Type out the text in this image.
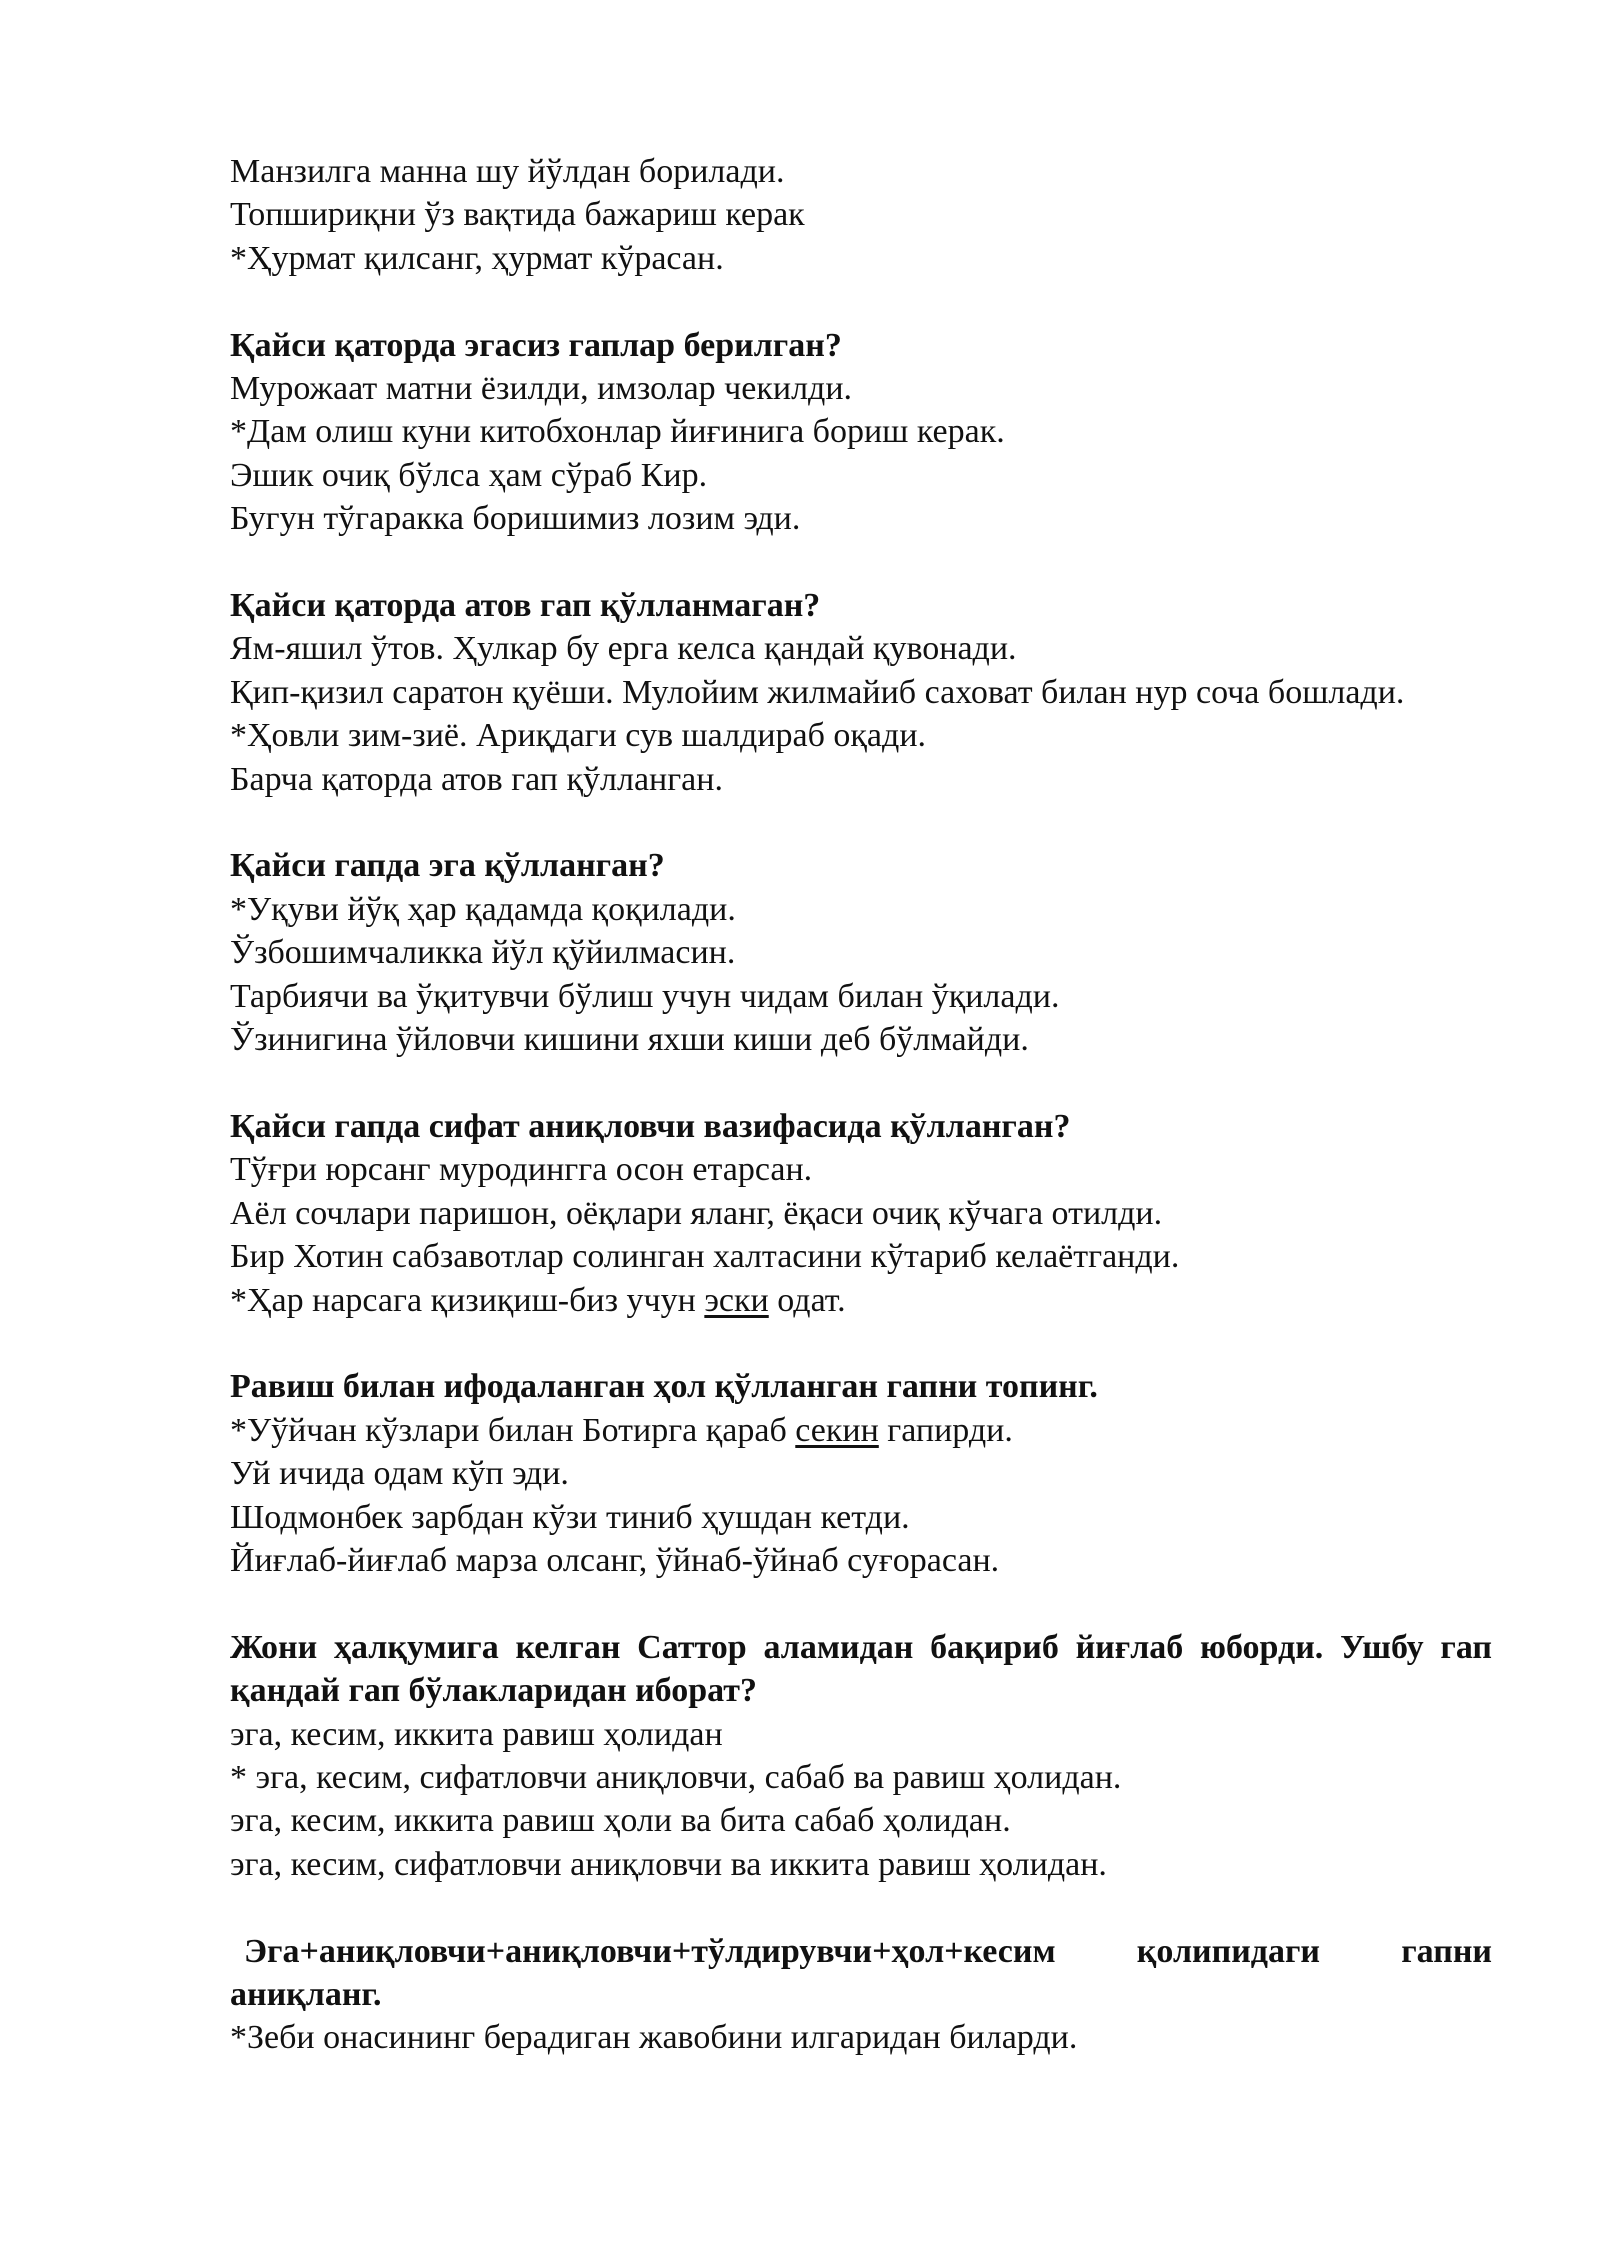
Манзилга манна шу йўлдан борилади.

Топшириқни ўз вақтида бажариш керак

*Ҳурмат қилсанг, ҳурмат кўрасан.

Қайси қаторда эгасиз гаплар берилган?

Мурожаат матни ёзилди, имзолар чекилди.

*Дам олиш куни китобхонлар йиғинига бориш керак.

Эшик очиқ бўлса ҳам сўраб Кир.

Бугун тўгаракка боришимиз лозим эди.

Қайси қаторда атов гап қўлланмаган?

Ям-яшил ўтов. Ҳулкар бу ерга келса қандай қувонади.

Қип-қизил саратон қуёши. Мулойим жилмайиб саховат билан нур соча бошлади.

*Ҳовли зим-зиё. Ариқдаги сув шалдираб оқади.

Барча қаторда атов гап қўлланган.

Қайси гапда эга қўлланган?

*Уқуви йўқ ҳар қадамда қоқилади.

Ўзбошимчаликка йўл қўйилмасин.

Тарбиячи ва ўқитувчи бўлиш учун чидам билан ўқилади.

Ўзинигина ўйловчи кишини яхши киши деб бўлмайди.

Қайси гапда сифат аниқловчи вазифасида қўлланган?

Тўғри юрсанг муродингга осон етарсан.

Аёл сочлари паришон, оёқлари яланг, ёқаси очиқ кўчага отилди.

Бир Хотин сабзавотлар солинган халтасини кўтариб келаётганди.

*Ҳар нарсага қизиқиш-биз учун эски одат.

Равиш билан ифодаланган ҳол қўлланган гапни топинг.

*Уўйчан кўзлари билан Ботирга қараб секин гапирди.

Уй ичида одам кўп эди.

Шодмонбек зарбдан кўзи тиниб ҳушдан кетди.

Йиғлаб-йиғлаб марза олсанг, ўйнаб-ўйнаб суғорасан.

Жони ҳалқумига келган Саттор аламидан бақириб йиғлаб юборди. Ушбу гап қандай гап бўлакларидан иборат?

эга, кесим, иккита равиш ҳолидан

* эга, кесим, сифатловчи аниқловчи, сабаб ва равиш ҳолидан.

эга, кесим, иккита равиш ҳоли ва бита сабаб ҳолидан.

эга, кесим, сифатловчи аниқловчи ва иккита равиш ҳолидан.

Эга+аниқловчи+аниқловчи+тўлдирувчи+ҳол+кесим қолипидаги гапни аниқланг.

*Зеби онасининг берадиган жавобини илгаридан биларди.
